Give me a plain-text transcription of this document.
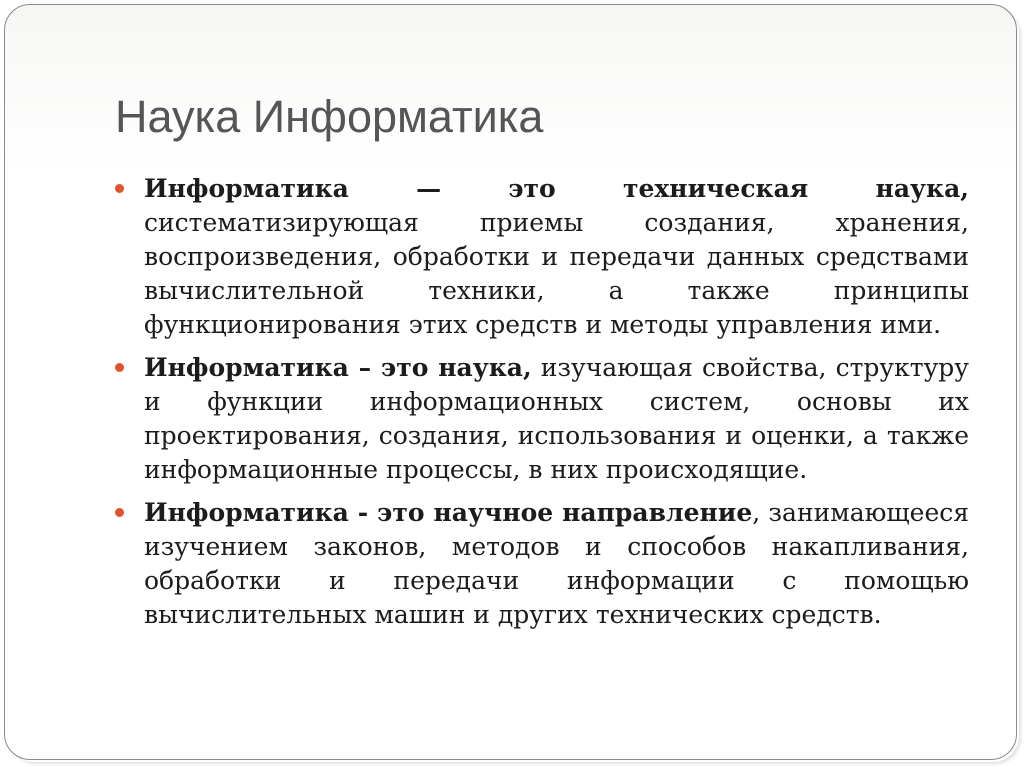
Наука Информатика
Информатика — это техническая наука, систематизирующая приемы создания, хранения, воспроизведения, обработки и передачи данных средствами вычислительной техники, а также принципы функционирования этих средств и методы управления ими.
Информатика – это наука, изучающая свойства, структуру и функции информационных систем, основы их проектирования, создания, использования и оценки, а также информационные процессы, в них происходящие.
Информатика - это научное направление, занимающееся изучением законов, методов и способов накапливания, обработки и передачи информации с помощью вычислительных машин и других технических средств.
